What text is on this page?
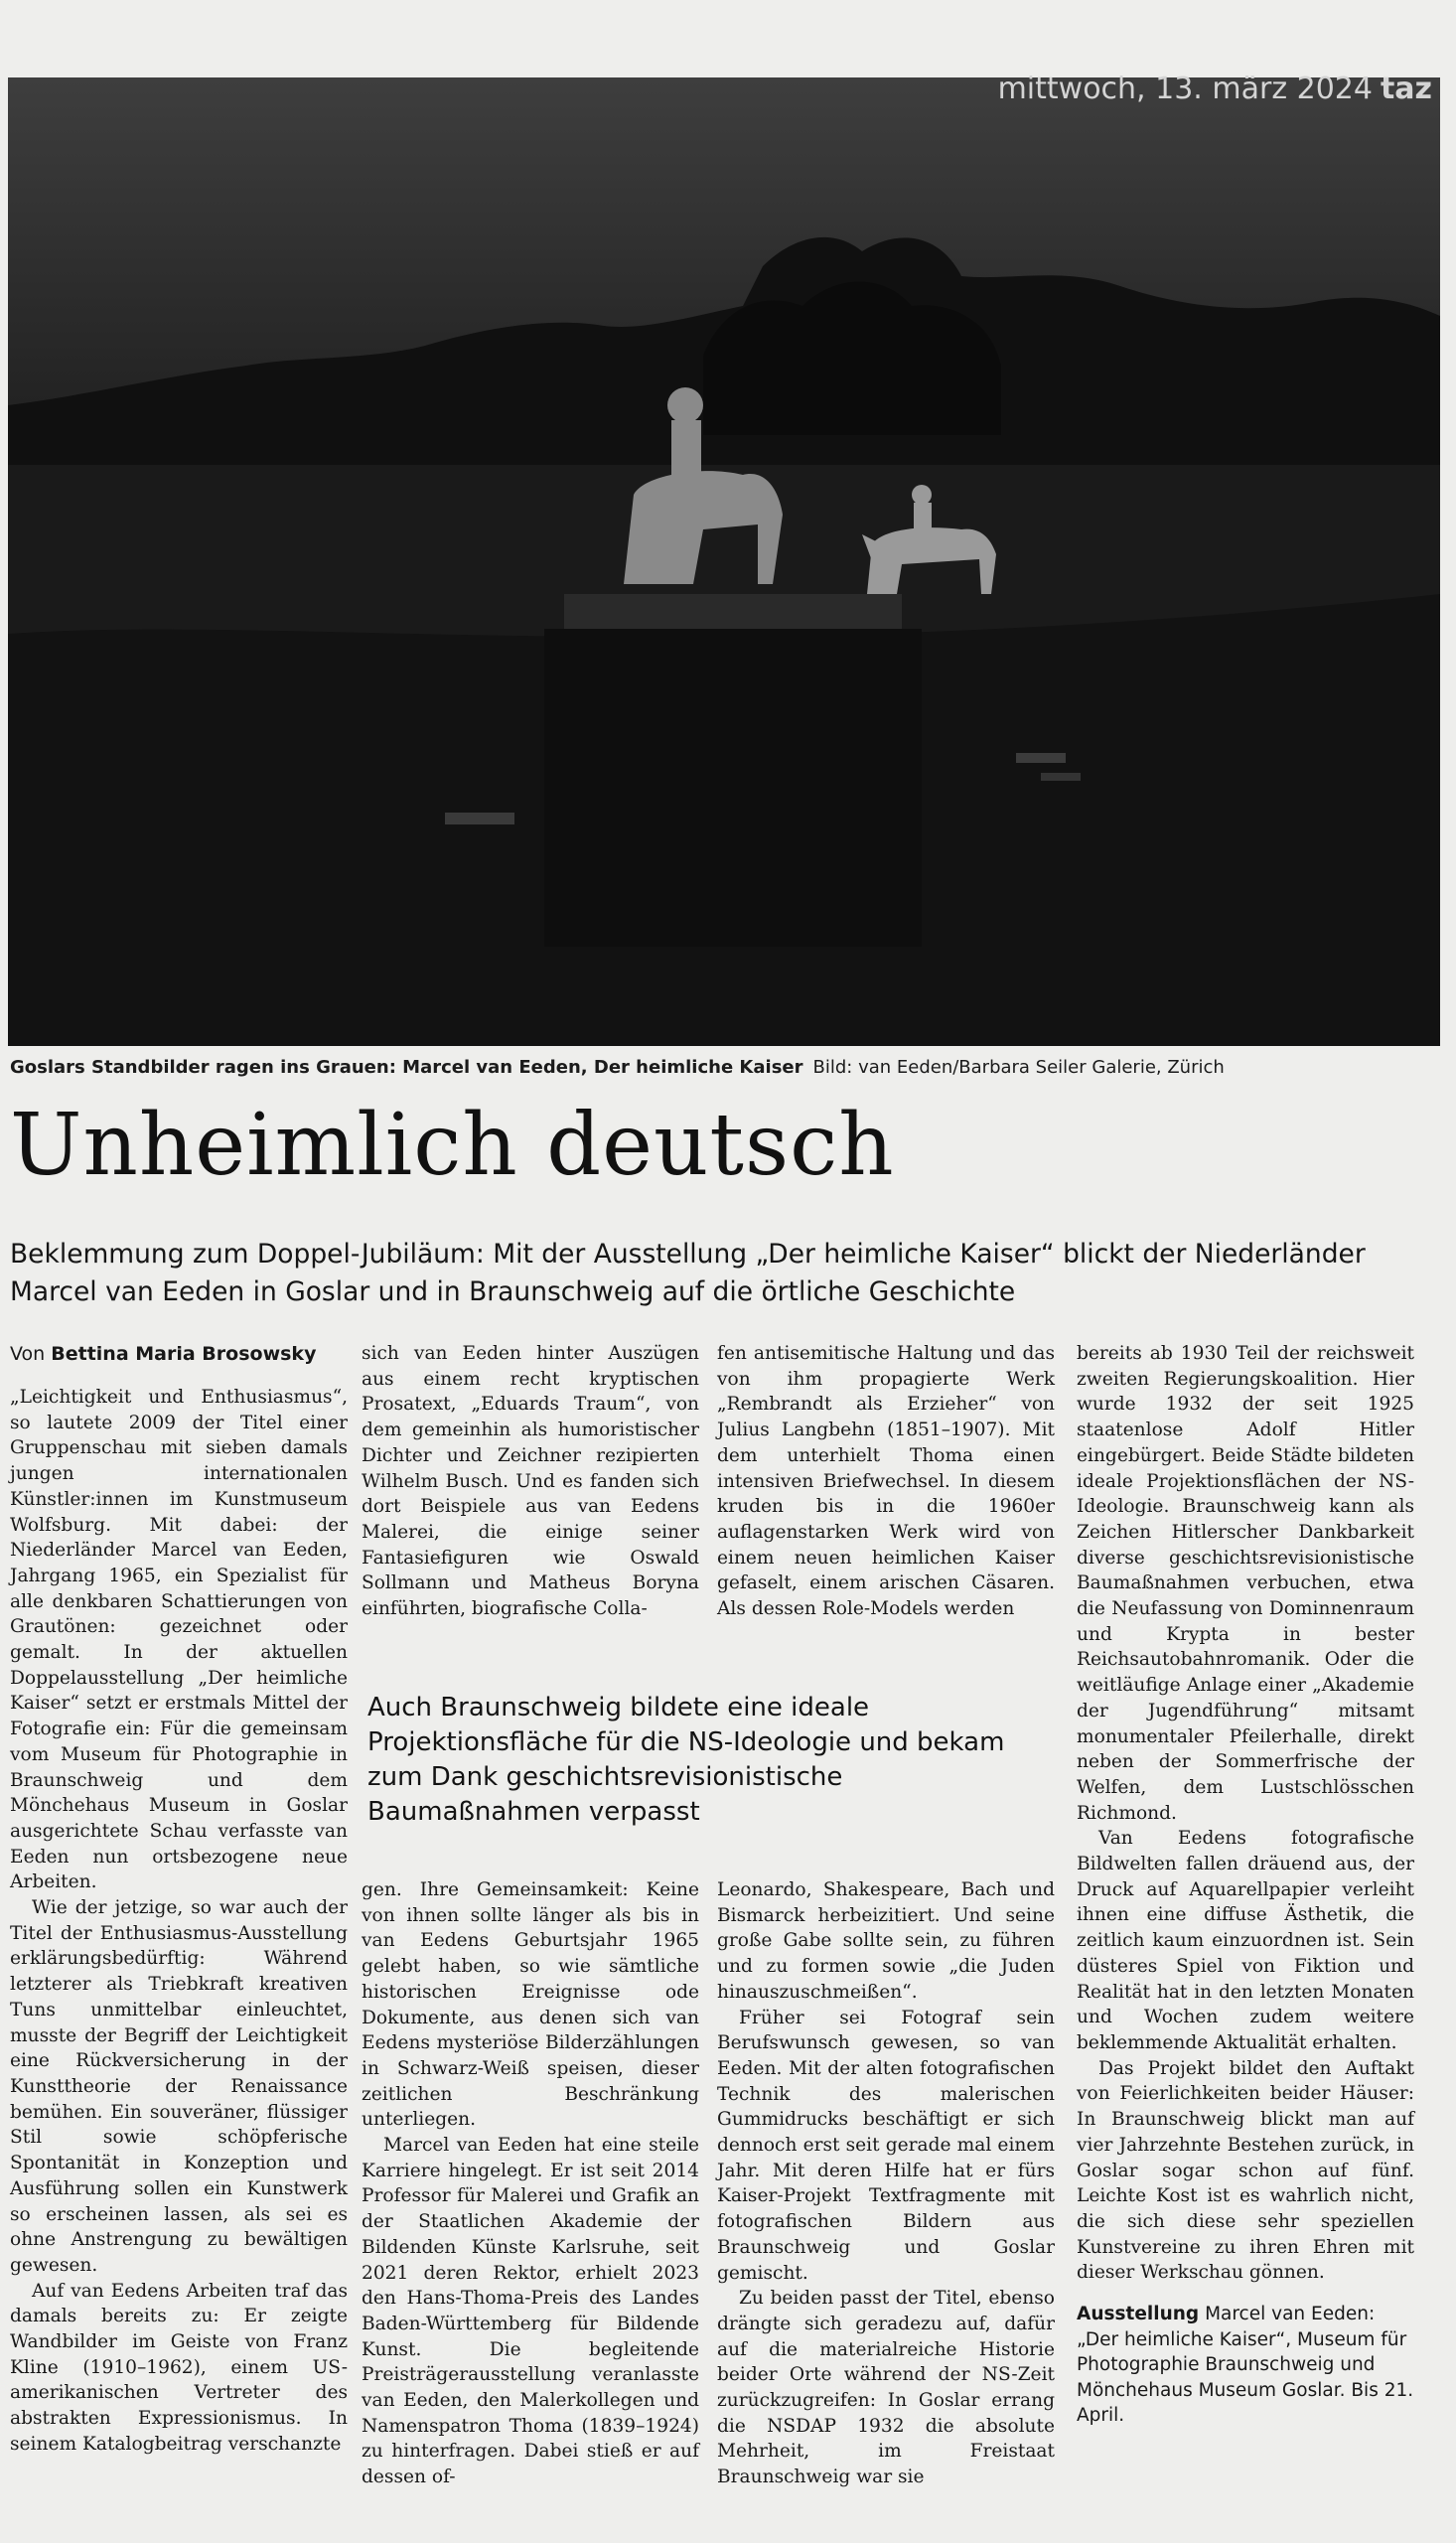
mittwoch, 13. märz 2024 taz
Goslars Standbilder ragen ins Grauen: Marcel van Eeden, Der heimliche Kaiser Bild: van Eeden/Barbara Seiler Galerie, Zürich
Unheimlich deutsch

Beklemmung zum Doppel-Jubiläum: Mit der Ausstellung „Der heimliche Kaiser“ blickt der Niederländer Marcel van Eeden in Goslar und in Braunschweig auf die örtliche Geschichte

Von Bettina Maria Brosowsky

„Leichtigkeit und Enthusiasmus“, so lautete 2009 der Titel einer Gruppenschau mit sieben damals jungen internationalen Künstler:innen im Kunstmuseum Wolfsburg. Mit dabei: der Niederländer Marcel van Eeden, Jahrgang 1965, ein Spezialist für alle denkbaren Schattierungen von Grautönen: gezeichnet oder gemalt. In der aktuellen Doppelausstellung „Der heimliche Kaiser“ setzt er erstmals Mittel der Fotografie ein: Für die gemeinsam vom Museum für Photographie in Braunschweig und dem Mönchehaus Museum in Goslar ausgerichtete Schau verfasste van Eeden nun ortsbezogene neue Arbeiten.

Wie der jetzige, so war auch der Titel der Enthusiasmus-Ausstellung erklärungsbedürftig: Während letzterer als Triebkraft kreativen Tuns unmittelbar einleuchtet, musste der Begriff der Leichtigkeit eine Rückversicherung in der Kunsttheorie der Renaissance bemühen. Ein souveräner, flüssiger Stil sowie schöpferische Spontanität in Konzeption und Ausführung sollen ein Kunstwerk so erscheinen lassen, als sei es ohne Anstrengung zu bewältigen gewesen.

Auf van Eedens Arbeiten traf das damals bereits zu: Er zeigte Wandbilder im Geiste von Franz Kline (1910–1962), einem US-amerikanischen Vertreter des abstrakten Expressionismus. In seinem Katalogbeitrag verschanzte

sich van Eeden hinter Auszügen aus einem recht kryptischen Prosatext, „Eduards Traum“, von dem gemeinhin als humoristischer Dichter und Zeichner rezipierten Wilhelm Busch. Und es fanden sich dort Beispiele aus van Eedens Malerei, die einige seiner Fantasiefiguren wie Oswald Sollmann und Matheus Boryna einführten, biografische Colla-

fen antisemitische Haltung und das von ihm propagierte Werk „Rembrandt als Erzieher“ von Julius Langbehn (1851–1907). Mit dem unterhielt Thoma einen intensiven Briefwechsel. In diesem kruden bis in die 1960er auflagenstarken Werk wird von einem neuen heimlichen Kaiser gefaselt, einem arischen Cäsaren. Als dessen Role-Models werden

Auch Braunschweig bildete eine ideale Projektionsfläche für die NS-Ideologie und bekam zum Dank geschichtsrevisionistische Baumaßnahmen verpasst

gen. Ihre Gemeinsamkeit: Keine von ihnen sollte länger als bis in van Eedens Geburtsjahr 1965 gelebt haben, so wie sämtliche historischen Ereignisse ode Dokumente, aus denen sich van Eedens mysteriöse Bilderzählungen in Schwarz-Weiß speisen, dieser zeitlichen Beschränkung unterliegen.

Marcel van Eeden hat eine steile Karriere hingelegt. Er ist seit 2014 Professor für Malerei und Grafik an der Staatlichen Akademie der Bildenden Künste Karlsruhe, seit 2021 deren Rektor, erhielt 2023 den Hans-Thoma-Preis des Landes Baden-Württemberg für Bildende Kunst. Die begleitende Preisträgerausstellung veranlasste van Eeden, den Malerkollegen und Namenspatron Thoma (1839–1924) zu hinterfragen. Dabei stieß er auf dessen of-

Leonardo, Shakespeare, Bach und Bismarck herbeizitiert. Und seine große Gabe sollte sein, zu führen und zu formen sowie „die Juden hinauszuschmeißen“.

Früher sei Fotograf sein Berufswunsch gewesen, so van Eeden. Mit der alten fotografischen Technik des malerischen Gummidrucks beschäftigt er sich dennoch erst seit gerade mal einem Jahr. Mit deren Hilfe hat er fürs Kaiser-Projekt Textfragmente mit fotografischen Bildern aus Braunschweig und Goslar gemischt.

Zu beiden passt der Titel, ebenso drängte sich geradezu auf, dafür auf die materialreiche Historie beider Orte während der NS-Zeit zurückzugreifen: In Goslar errang die NSDAP 1932 die absolute Mehrheit, im Freistaat Braunschweig war sie

bereits ab 1930 Teil der reichsweit zweiten Regierungskoalition. Hier wurde 1932 der seit 1925 staatenlose Adolf Hitler eingebürgert. Beide Städte bildeten ideale Projektionsflächen der NS-Ideologie. Braunschweig kann als Zeichen Hitlerscher Dankbarkeit diverse geschichtsrevisionistische Baumaßnahmen verbuchen, etwa die Neufassung von Dominnenraum und Krypta in bester Reichsautobahnromanik. Oder die weitläufige Anlage einer „Akademie der Jugendführung“ mitsamt monumentaler Pfeilerhalle, direkt neben der Sommerfrische der Welfen, dem Lustschlösschen Richmond.

Van Eedens fotografische Bildwelten fallen dräuend aus, der Druck auf Aquarellpapier verleiht ihnen eine diffuse Ästhetik, die zeitlich kaum einzuordnen ist. Sein düsteres Spiel von Fiktion und Realität hat in den letzten Monaten und Wochen zudem weitere beklemmende Aktualität erhalten.

Das Projekt bildet den Auftakt von Feierlichkeiten beider Häuser: In Braunschweig blickt man auf vier Jahrzehnte Bestehen zurück, in Goslar sogar schon auf fünf. Leichte Kost ist es wahrlich nicht, die sich diese sehr speziellen Kunstvereine zu ihren Ehren mit dieser Werkschau gönnen.

Ausstellung Marcel van Eeden: „Der heimliche Kaiser“, Museum für Photographie Braunschweig und Mönchehaus Museum Goslar. Bis 21. April.
